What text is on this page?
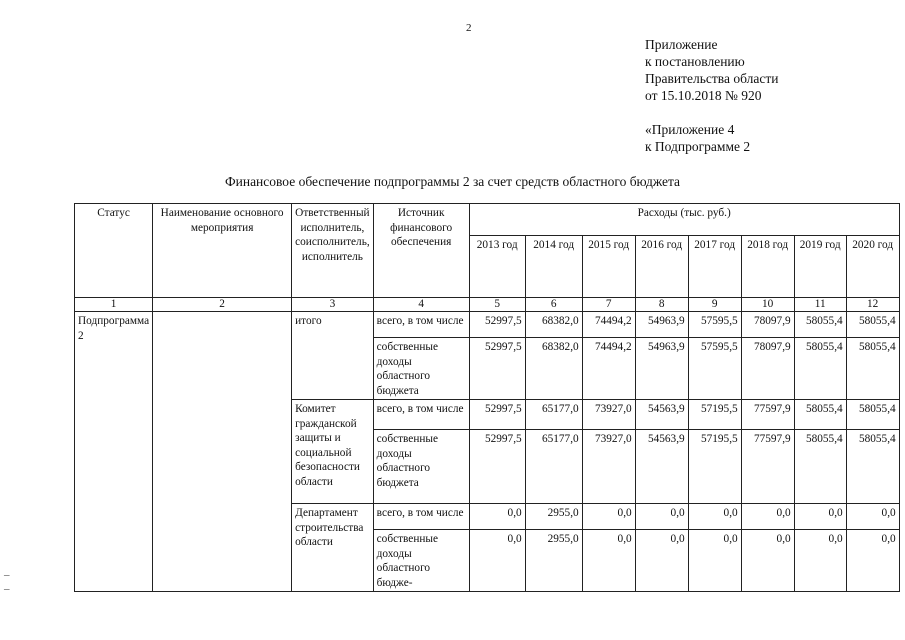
2
Приложение
к постановлению
Правительства области
от 15.10.2018 № 920
«Приложение 4
к Подпрограмме 2
Финансовое обеспечение подпрограммы 2 за счет средств областного бюджета
Статус	Наименование основного мероприятия	Ответственный исполнитель, соисполнитель, исполнитель	Источник финансового обеспечения	Расходы (тыс. руб.)							
				2013 год	2014 год	2015 год	2016 год	2017 год	2018 год	2019 год	2020 год
1	2	3	4	5	6	7	8	9	10	11	12
Подпрограмма 2		итого	всего, в том числе	52997,5	68382,0	74494,2	54963,9	57595,5	78097,9	58055,4	58055,4
			собственные доходы областного бюджета	52997,5	68382,0	74494,2	54963,9	57595,5	78097,9	58055,4	58055,4
		Комитет гражданской защиты и социальной безопасности области	всего, в том числе	52997,5	65177,0	73927,0	54563,9	57195,5	77597,9	58055,4	58055,4
			собственные доходы областного бюджета	52997,5	65177,0	73927,0	54563,9	57195,5	77597,9	58055,4	58055,4
		Департамент строительства области	всего, в том числе	0,0	2955,0	0,0	0,0	0,0	0,0	0,0	0,0
			собственные доходы областного бюдже-	0,0	2955,0	0,0	0,0	0,0	0,0	0,0	0,0
–
–
